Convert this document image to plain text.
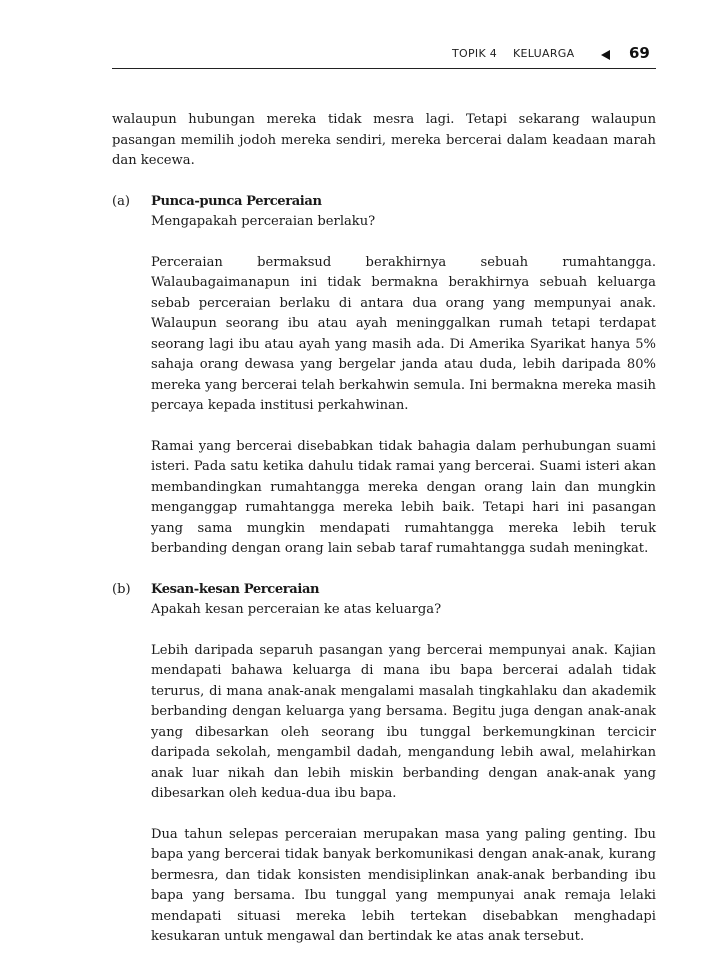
TOPIK 4 KELUARGA	69

walaupun hubungan mereka tidak mesra lagi. Tetapi sekarang walaupun pasangan memilih jodoh mereka sendiri, mereka bercerai dalam keadaan marah dan kecewa.

(a) Punca-punca Perceraian

Mengapakah perceraian berlaku?

Perceraian bermaksud berakhirnya sebuah rumahtangga. Walaubagaimanapun ini tidak bermakna berakhirnya sebuah keluarga sebab perceraian berlaku di antara dua orang yang mempunyai anak. Walaupun seorang ibu atau ayah meninggalkan rumah tetapi terdapat seorang lagi ibu atau ayah yang masih ada. Di Amerika Syarikat hanya 5% sahaja orang dewasa yang bergelar janda atau duda, lebih daripada 80% mereka yang bercerai telah berkahwin semula. Ini bermakna mereka masih percaya kepada institusi perkahwinan.

Ramai yang bercerai disebabkan tidak bahagia dalam perhubungan suami isteri. Pada satu ketika dahulu tidak ramai yang bercerai. Suami isteri akan membandingkan rumahtangga mereka dengan orang lain dan mungkin menganggap rumahtangga mereka lebih baik. Tetapi hari ini pasangan yang sama mungkin mendapati rumahtangga mereka lebih teruk berbanding dengan orang lain sebab taraf rumahtangga sudah meningkat.

(b) Kesan-kesan Perceraian

Apakah kesan perceraian ke atas keluarga?

Lebih daripada separuh pasangan yang bercerai mempunyai anak. Kajian mendapati bahawa keluarga di mana ibu bapa bercerai adalah tidak terurus, di mana anak-anak mengalami masalah tingkahlaku dan akademik berbanding dengan keluarga yang bersama. Begitu juga dengan anak-anak yang dibesarkan oleh seorang ibu tunggal berkemungkinan tercicir daripada sekolah, mengambil dadah, mengandung lebih awal, melahirkan anak luar nikah dan lebih miskin berbanding dengan anak-anak yang dibesarkan oleh kedua-dua ibu bapa.

Dua tahun selepas perceraian merupakan masa yang paling genting. Ibu bapa yang bercerai tidak banyak berkomunikasi dengan anak-anak, kurang bermesra, dan tidak konsisten mendisiplinkan anak-anak berbanding ibu bapa yang bersama. Ibu tunggal yang mempunyai anak remaja lelaki mendapati situasi mereka lebih tertekan disebabkan menghadapi kesukaran untuk mengawal dan bertindak ke atas anak tersebut.
